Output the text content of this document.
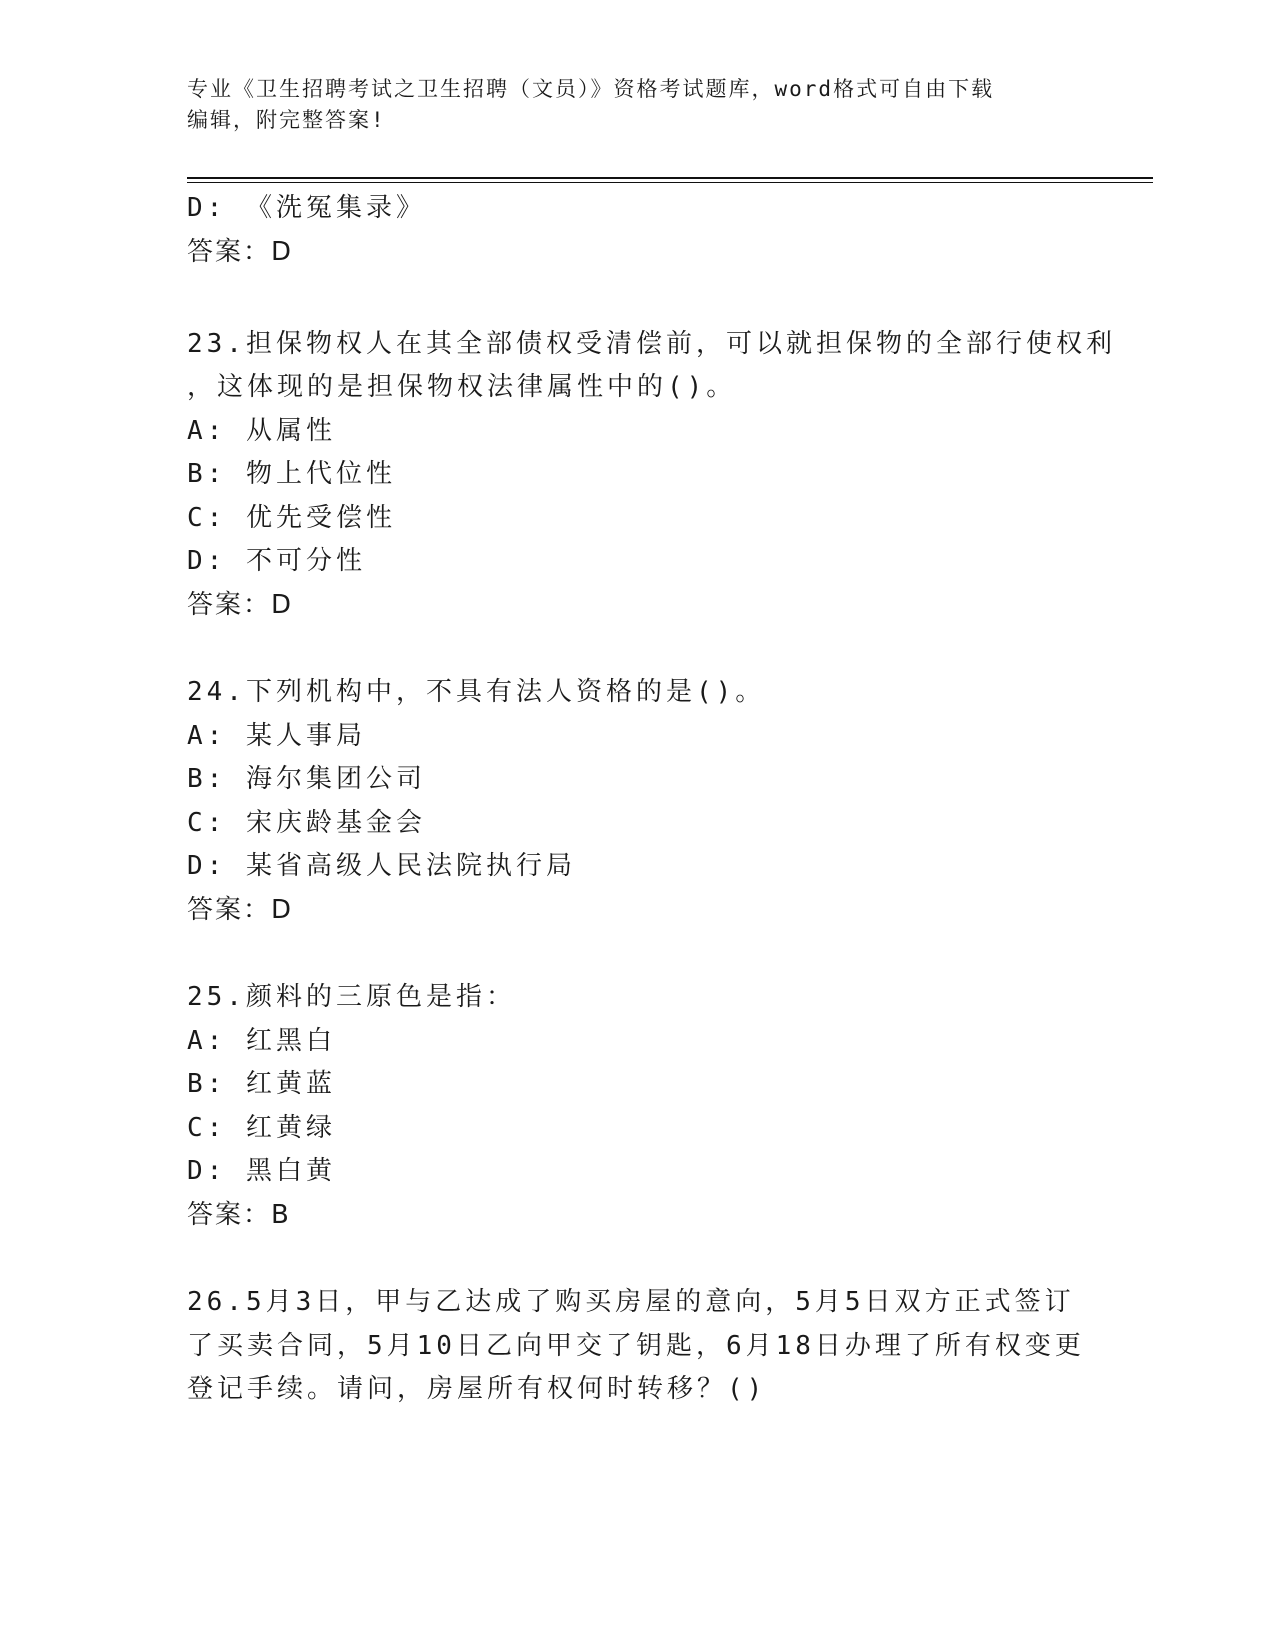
专业《卫生招聘考试之卫生招聘（文员）》资格考试题库，word格式可自由下载
编辑，附完整答案!
D: 《洗冤集录》
答案：D
23.担保物权人在其全部债权受清偿前，可以就担保物的全部行使权利
，这体现的是担保物权法律属性中的()。
A: 从属性
B: 物上代位性
C: 优先受偿性
D: 不可分性
答案：D
24.下列机构中，不具有法人资格的是()。
A: 某人事局
B: 海尔集团公司
C: 宋庆龄基金会
D: 某省高级人民法院执行局
答案：D
25.颜料的三原色是指：
A: 红黑白
B: 红黄蓝
C: 红黄绿
D: 黑白黄
答案：B
26.5月3日，甲与乙达成了购买房屋的意向，5月5日双方正式签订
了买卖合同，5月10日乙向甲交了钥匙，6月18日办理了所有权变更
登记手续。请问，房屋所有权何时转移？()
